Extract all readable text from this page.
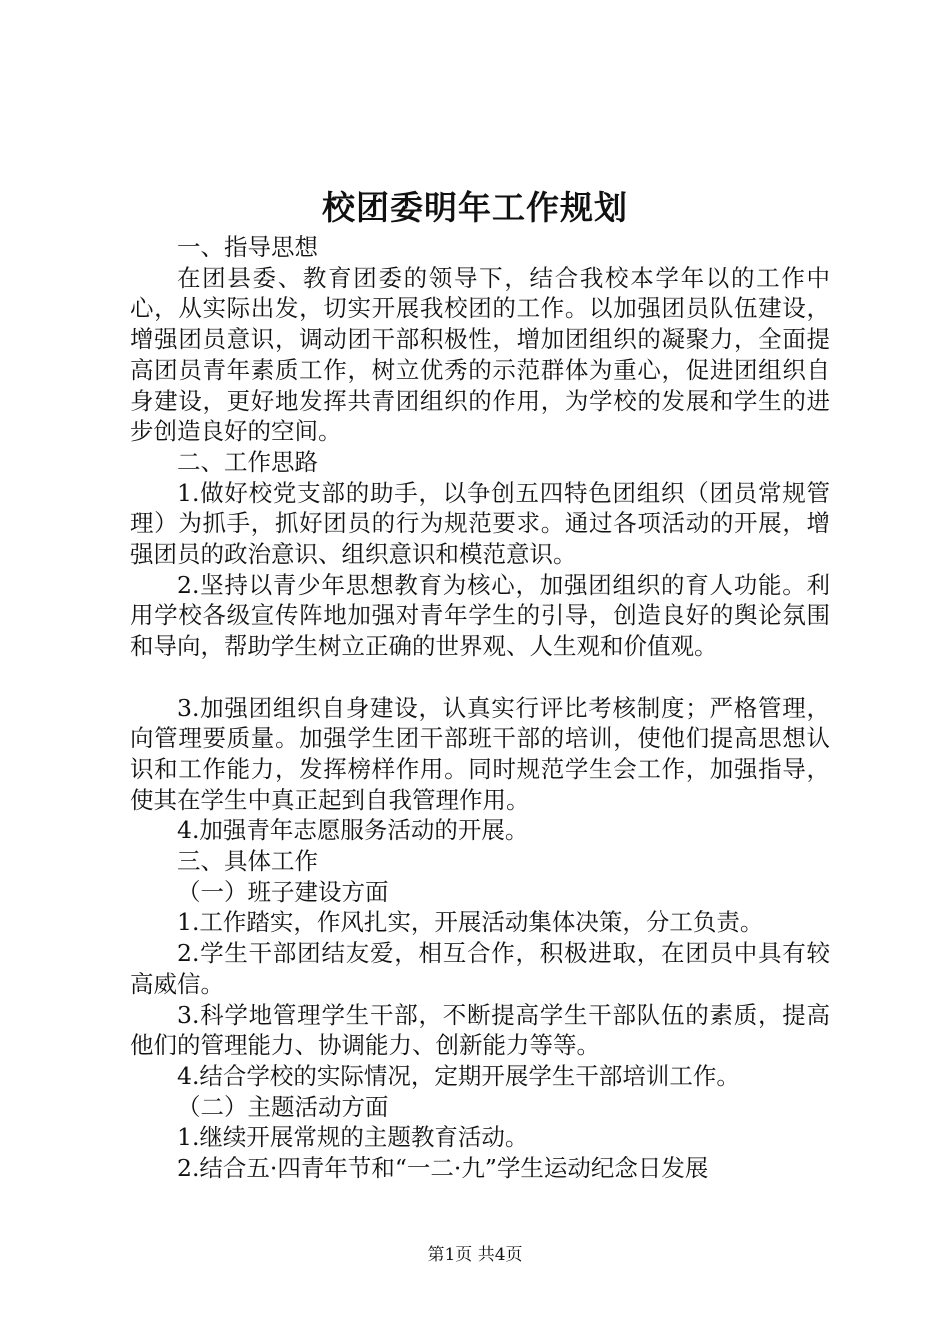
校团委明年工作规划

一、指导思想

在团县委、教育团委的领导下，结合我校本学年以的工作中心，从实际出发，切实开展我校团的工作。以加强团员队伍建设，增强团员意识，调动团干部积极性，增加团组织的凝聚力，全面提高团员青年素质工作，树立优秀的示范群体为重心，促进团组织自身建设，更好地发挥共青团组织的作用，为学校的发展和学生的进步创造良好的空间。

二、工作思路

1.做好校党支部的助手，以争创五四特色团组织（团员常规管理）为抓手，抓好团员的行为规范要求。通过各项活动的开展，增强团员的政治意识、组织意识和模范意识。

2.坚持以青少年思想教育为核心，加强团组织的育人功能。利用学校各级宣传阵地加强对青年学生的引导，创造良好的舆论氛围和导向，帮助学生树立正确的世界观、人生观和价值观。

3.加强团组织自身建设，认真实行评比考核制度；严格管理，向管理要质量。加强学生团干部班干部的培训，使他们提高思想认识和工作能力，发挥榜样作用。同时规范学生会工作，加强指导，使其在学生中真正起到自我管理作用。

4.加强青年志愿服务活动的开展。

三、具体工作

（一）班子建设方面

1.工作踏实，作风扎实，开展活动集体决策，分工负责。

2.学生干部团结友爱，相互合作，积极进取，在团员中具有较高威信。

3.科学地管理学生干部，不断提高学生干部队伍的素质，提高他们的管理能力、协调能力、创新能力等等。

4.结合学校的实际情况，定期开展学生干部培训工作。

（二）主题活动方面

1.继续开展常规的主题教育活动。

2.结合五·四青年节和“一二·九”学生运动纪念日发展

第1页 共4页
